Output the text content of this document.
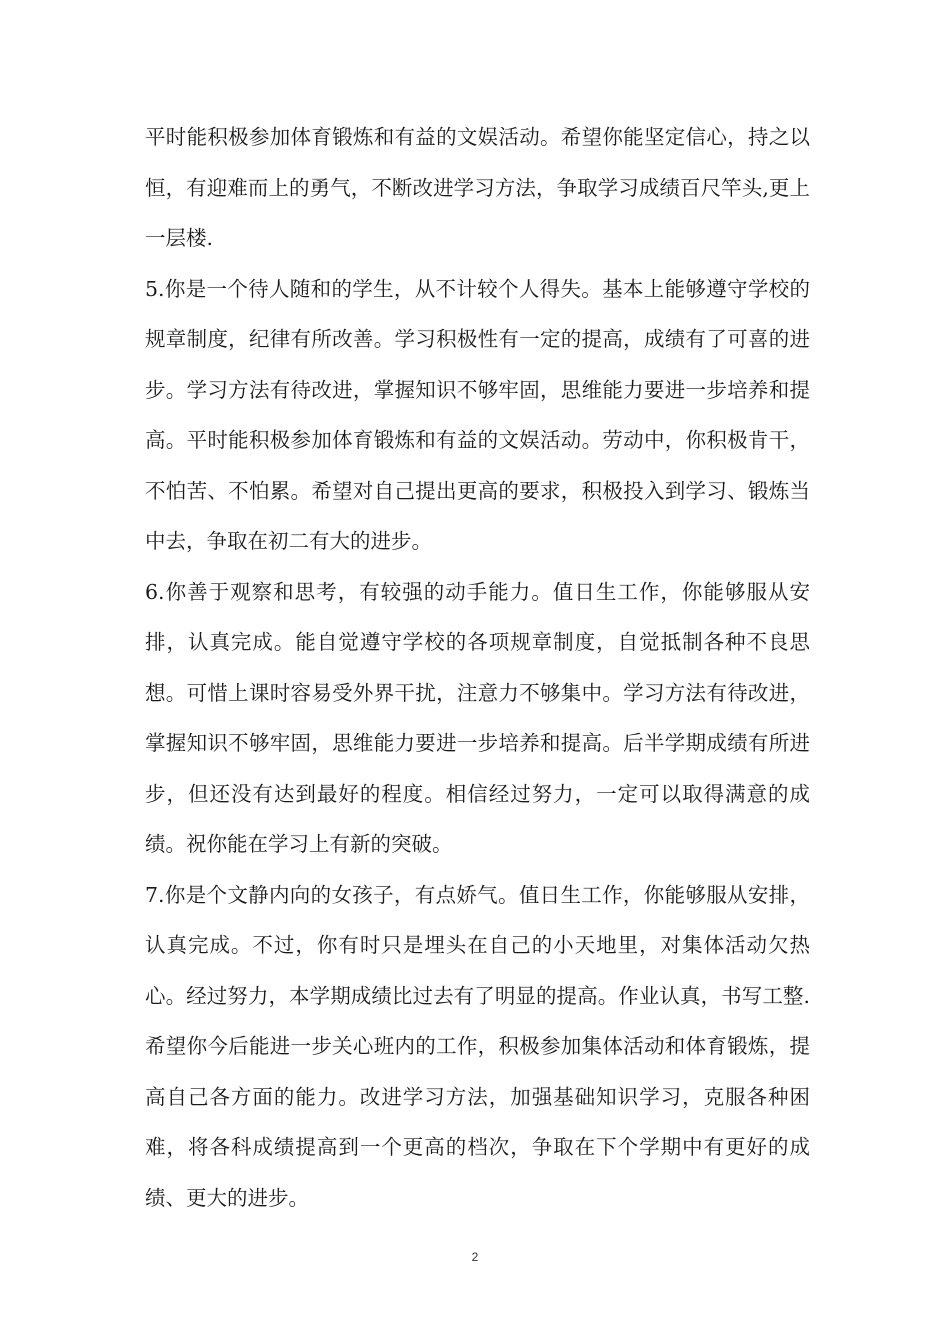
平时能积极参加体育锻炼和有益的文娱活动。希望你能坚定信心，持之以恒，有迎难而上的勇气，不断改进学习方法，争取学习成绩百尺竿头,更上一层楼.

5.你是一个待人随和的学生，从不计较个人得失。基本上能够遵守学校的规章制度，纪律有所改善。学习积极性有一定的提高，成绩有了可喜的进步。学习方法有待改进，掌握知识不够牢固，思维能力要进一步培养和提高。平时能积极参加体育锻炼和有益的文娱活动。劳动中，你积极肯干，不怕苦、不怕累。希望对自己提出更高的要求，积极投入到学习、锻炼当中去，争取在初二有大的进步。

6.你善于观察和思考，有较强的动手能力。值日生工作，你能够服从安排，认真完成。能自觉遵守学校的各项规章制度，自觉抵制各种不良思想。可惜上课时容易受外界干扰，注意力不够集中。学习方法有待改进，掌握知识不够牢固，思维能力要进一步培养和提高。后半学期成绩有所进步，但还没有达到最好的程度。相信经过努力，一定可以取得满意的成绩。祝你能在学习上有新的突破。

7.你是个文静内向的女孩子，有点娇气。值日生工作，你能够服从安排，认真完成。不过，你有时只是埋头在自己的小天地里，对集体活动欠热心。经过努力，本学期成绩比过去有了明显的提高。作业认真，书写工整.希望你今后能进一步关心班内的工作，积极参加集体活动和体育锻炼，提高自己各方面的能力。改进学习方法，加强基础知识学习，克服各种困难，将各科成绩提高到一个更高的档次，争取在下个学期中有更好的成绩、更大的进步。

2
